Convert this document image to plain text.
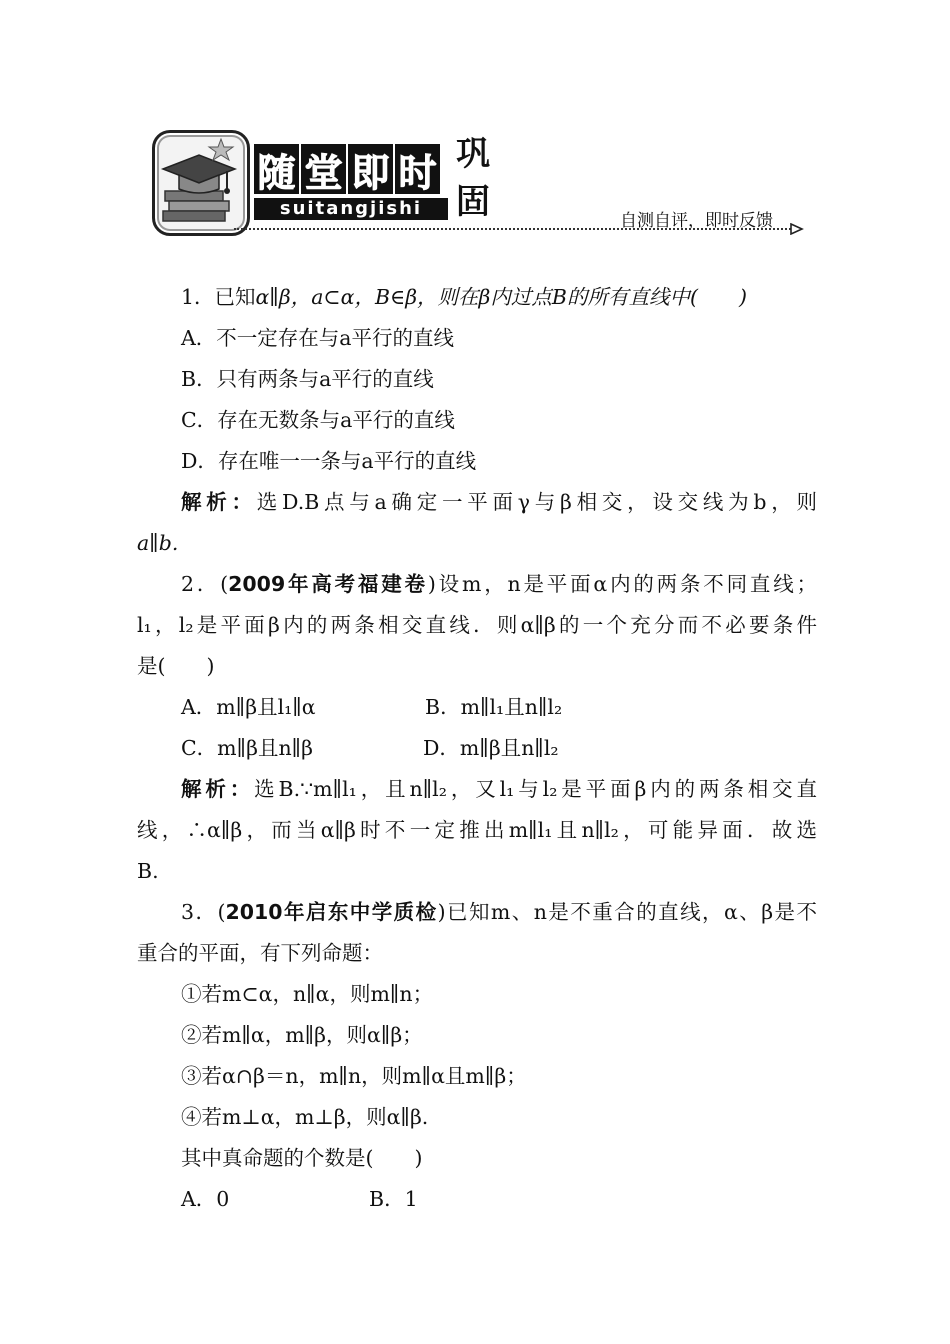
随 堂 即 时
suitangjishi
巩
固	自测自评，即时反馈
1．已知α∥β，a⊂α，B∈β，则在β内过点B的所有直线中(　　)
A．不一定存在与a平行的直线
B．只有两条与a平行的直线
C．存在无数条与a平行的直线
D．存在唯一一条与a平行的直线
解析：选D.B点与a确定一平面γ与β相交，设交线为b，则
a∥b.
2．(2009年高考福建卷)设m，n是平面α内的两条不同直线；
l₁，l₂是平面β内的两条相交直线．则α∥β的一个充分而不必要条件
是(　　)
A．m∥β且l₁∥α	B．m∥l₁且n∥l₂
C．m∥β且n∥β	D．m∥β且n∥l₂
解析：选B.∵m∥l₁，且n∥l₂，又l₁与l₂是平面β内的两条相交直
线，∴α∥β，而当α∥β时不一定推出m∥l₁且n∥l₂，可能异面．故选
B.
3．(2010年启东中学质检)已知m、n是不重合的直线，α、β是不
重合的平面，有下列命题：
①若m⊂α，n∥α，则m∥n；
②若m∥α，m∥β，则α∥β；
③若α∩β＝n，m∥n，则m∥α且m∥β；
④若m⊥α，m⊥β，则α∥β.
其中真命题的个数是(　　)
A．0	B．1
